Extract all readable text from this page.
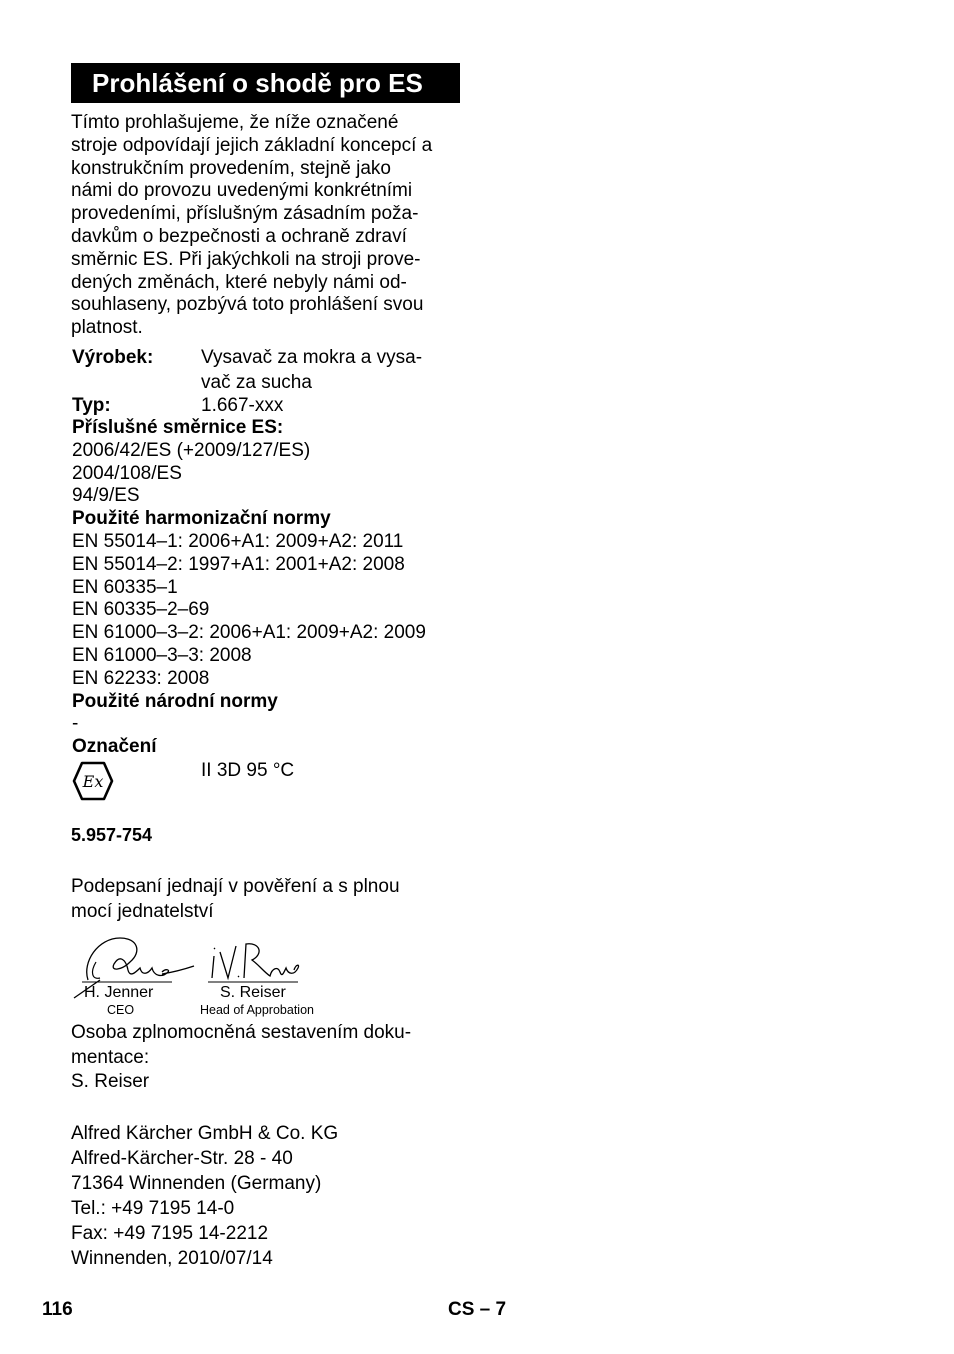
Prohlášení o shodě pro ES
Tímto prohlašujeme, že níže označené
stroje odpovídají jejich základní koncepcí a
konstrukčním provedením, stejně jako
námi do provozu uvedenými konkrétními
provedeními, příslušným zásadním poža-
davkům o bezpečnosti a ochraně zdraví
směrnic ES. Při jakýchkoli na stroji prove-
dených změnách, které nebyly námi od-
souhlaseny, pozbývá toto prohlášení svou
platnost.
Výrobek:	Vysavač za mokra a vysa-
vač za sucha
Typ:	1.667-xxx
Příslušné směrnice ES:
2006/42/ES (+2009/127/ES)
2004/108/ES
94/9/ES
Použité harmonizační normy
EN 55014–1: 2006+A1: 2009+A2: 2011
EN 55014–2: 1997+A1: 2001+A2: 2008
EN 60335–1
EN 60335–2–69
EN 61000–3–2: 2006+A1: 2009+A2: 2009
EN 61000–3–3: 2008
EN 62233: 2008
Použité národní normy
-
Označení
Ex
II 3D 95 °C
5.957-754
Podepsaní jednají v pověření a s plnou
mocí jednatelství
H. Jenner
CEO
S. Reiser
Head of Approbation
Osoba zplnomocněná sestavením doku-
mentace:
S. Reiser
Alfred Kärcher GmbH & Co. KG
Alfred-Kärcher-Str. 28 - 40
71364 Winnenden (Germany)
Tel.: +49 7195 14-0
Fax: +49 7195 14-2212
Winnenden, 2010/07/14
116	CS – 7
